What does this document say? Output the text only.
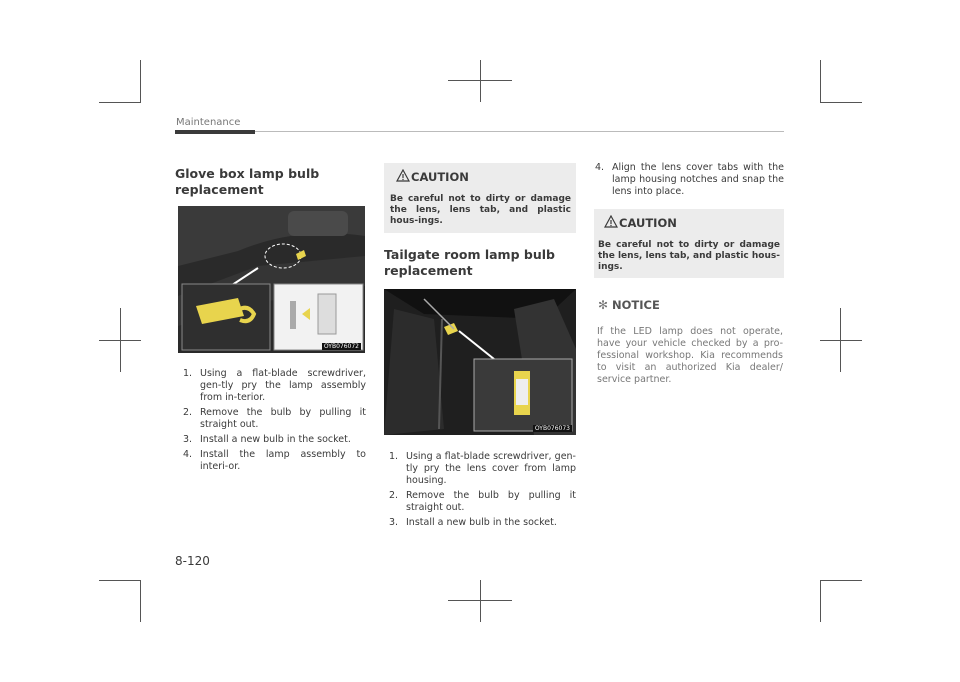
Maintenance
Glove box lamp bulb replacement
OYB076072
1. Using a flat-blade screwdriver, gen-tly pry the lamp assembly from in-terior.
2. Remove the bulb by pulling it straight out.
3. Install a new bulb in the socket.
4. Install the lamp assembly to interi-or.
CAUTION
Be careful not to dirty or damage the lens, lens tab, and plastic hous-ings.
Tailgate room lamp bulb replacement
OYB076073
1. Using a flat-blade screwdriver, gen-tly pry the lens cover from lamp housing.
2. Remove the bulb by pulling it straight out.
3. Install a new bulb in the socket.
4. Align the lens cover tabs with the lamp housing notches and snap the lens into place.
CAUTION
Be careful not to dirty or damage the lens, lens tab, and plastic hous-ings.
✻ NOTICE
If the LED lamp does not operate, have your vehicle checked by a pro-fessional workshop. Kia recommends to visit an authorized Kia dealer/ service partner.
8-120
